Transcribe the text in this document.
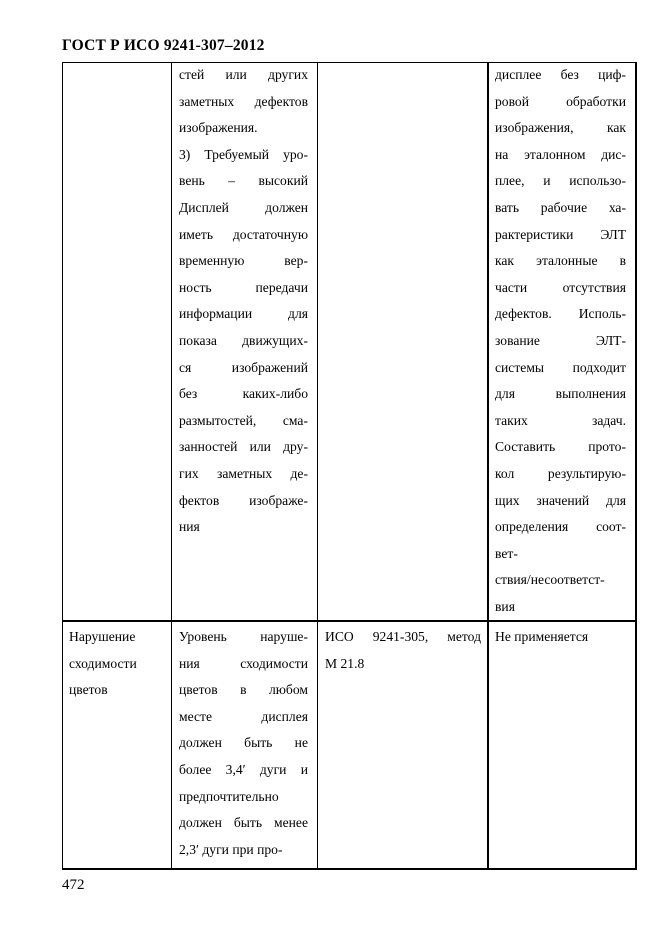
ГОСТ Р ИСО 9241-307–2012
стей или других
заметных дефектов
изображения.
3) Требуемый уро-
вень – высокий
Дисплей должен
иметь достаточную
временную вер-
ность передачи
информации для
показа движущих-
ся изображений
без каких-либо
размытостей, сма-
занностей или дру-
гих заметных де-
фектов изображе-
ния
дисплее без циф-
ровой обработки
изображения, как
на эталонном дис-
плее, и использо-
вать рабочие ха-
рактеристики ЭЛТ
как эталонные в
части отсутствия
дефектов. Исполь-
зование ЭЛТ-
системы подходит
для выполнения
таких задач.
Составить прото-
кол результирую-
щих значений для
определения соот-
вет-
ствия/несоответст-
вия
Нарушение
сходимости
цветов
Уровень наруше-
ния сходимости
цветов в любом
месте дисплея
должен быть не
более 3,4′ дуги и
предпочтительно
должен быть менее
2,3′ дуги при про-
ИСО 9241-305, метод
М 21.8
Не применяется
472
